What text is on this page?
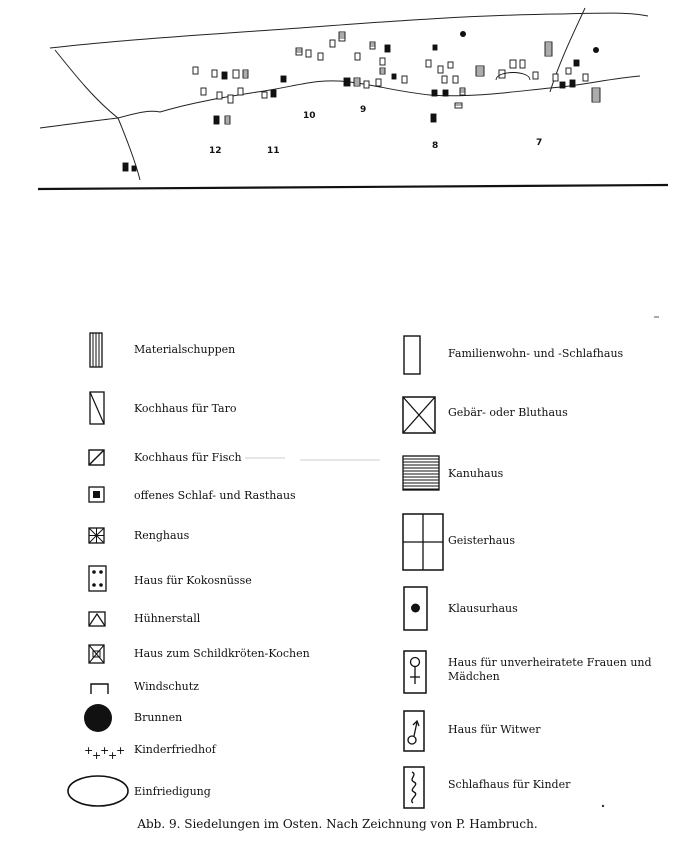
+
+
+
+
+
12	11
10
9
8	7
Materialschuppen
Kochhaus für Taro
Kochhaus für Fisch
offenes Schlaf- und Rasthaus
Renghaus
Haus für Kokosnüsse
Hühnerstall
Haus zum Schildkröten-Kochen
Windschutz
Brunnen
Kinderfriedhof
Einfriedigung
Familienwohn- und -Schlafhaus
Gebär- oder Bluthaus
Kanuhaus
Geisterhaus
Klausurhaus
Haus für unverheiratete Frauen und Mädchen
Haus für Witwer
Schlafhaus für Kinder
Abb. 9. Siedelungen im Osten. Nach Zeichnung von P. Hambruch.
